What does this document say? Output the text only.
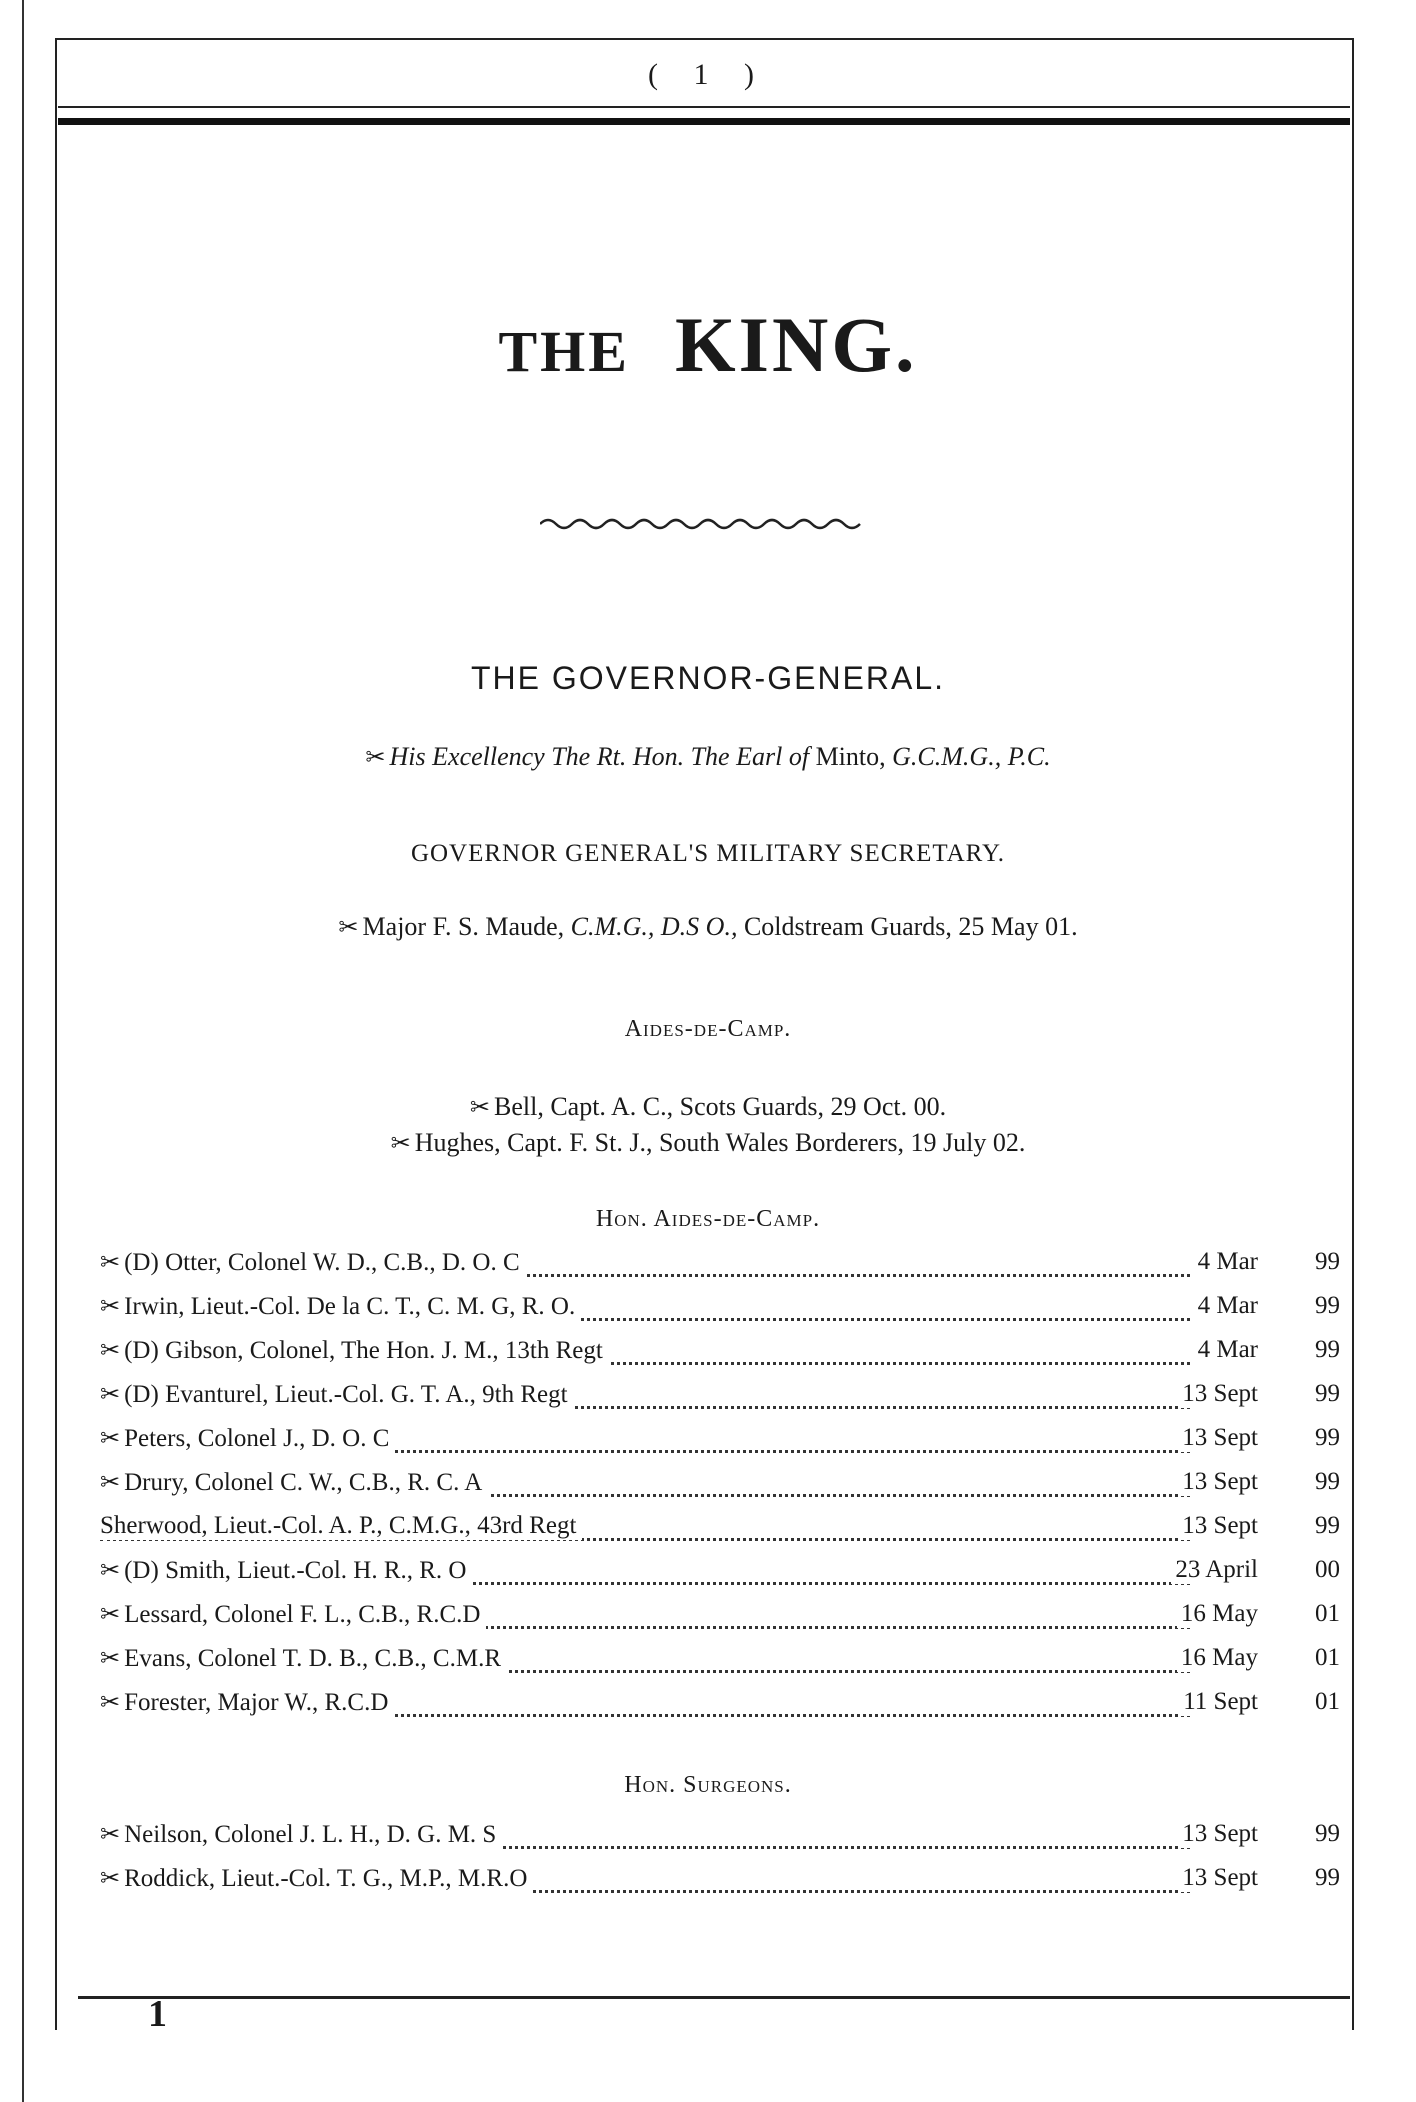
( 1 )
THE KING.
THE GOVERNOR-GENERAL.
✂ His Excellency The Rt. Hon. The Earl of Minto, G.C.M.G., P.C.
GOVERNOR GENERAL'S MILITARY SECRETARY.
✂ Major F. S. Maude, C.M.G., D.S O., Coldstream Guards, 25 May 01.
Aides-de-Camp.
✂ Bell, Capt. A. C., Scots Guards, 29 Oct. 00.
✂ Hughes, Capt. F. St. J., South Wales Borderers, 19 July 02.
Hon. Aides-de-Camp.
✂ (D) Otter, Colonel W. D., C.B., D. O. C	4 Mar	99
✂ Irwin, Lieut.-Col. De la C. T., C. M. G, R. O.	4 Mar	99
✂ (D) Gibson, Colonel, The Hon. J. M., 13th Regt	4 Mar	99
✂ (D) Evanturel, Lieut.-Col. G. T. A., 9th Regt	13 Sept	99
✂ Peters, Colonel J., D. O. C	13 Sept	99
✂ Drury, Colonel C. W., C.B., R. C. A	13 Sept	99
Sherwood, Lieut.-Col. A. P., C.M.G., 43rd Regt	13 Sept	99
✂ (D) Smith, Lieut.-Col. H. R., R. O	23 April	00
✂ Lessard, Colonel F. L., C.B., R.C.D	16 May	01
✂ Evans, Colonel T. D. B., C.B., C.M.R	16 May	01
✂ Forester, Major W., R.C.D	11 Sept	01
Hon. Surgeons.
✂ Neilson, Colonel J. L. H., D. G. M. S	13 Sept	99
✂ Roddick, Lieut.-Col. T. G., M.P., M.R.O	13 Sept	99
1
